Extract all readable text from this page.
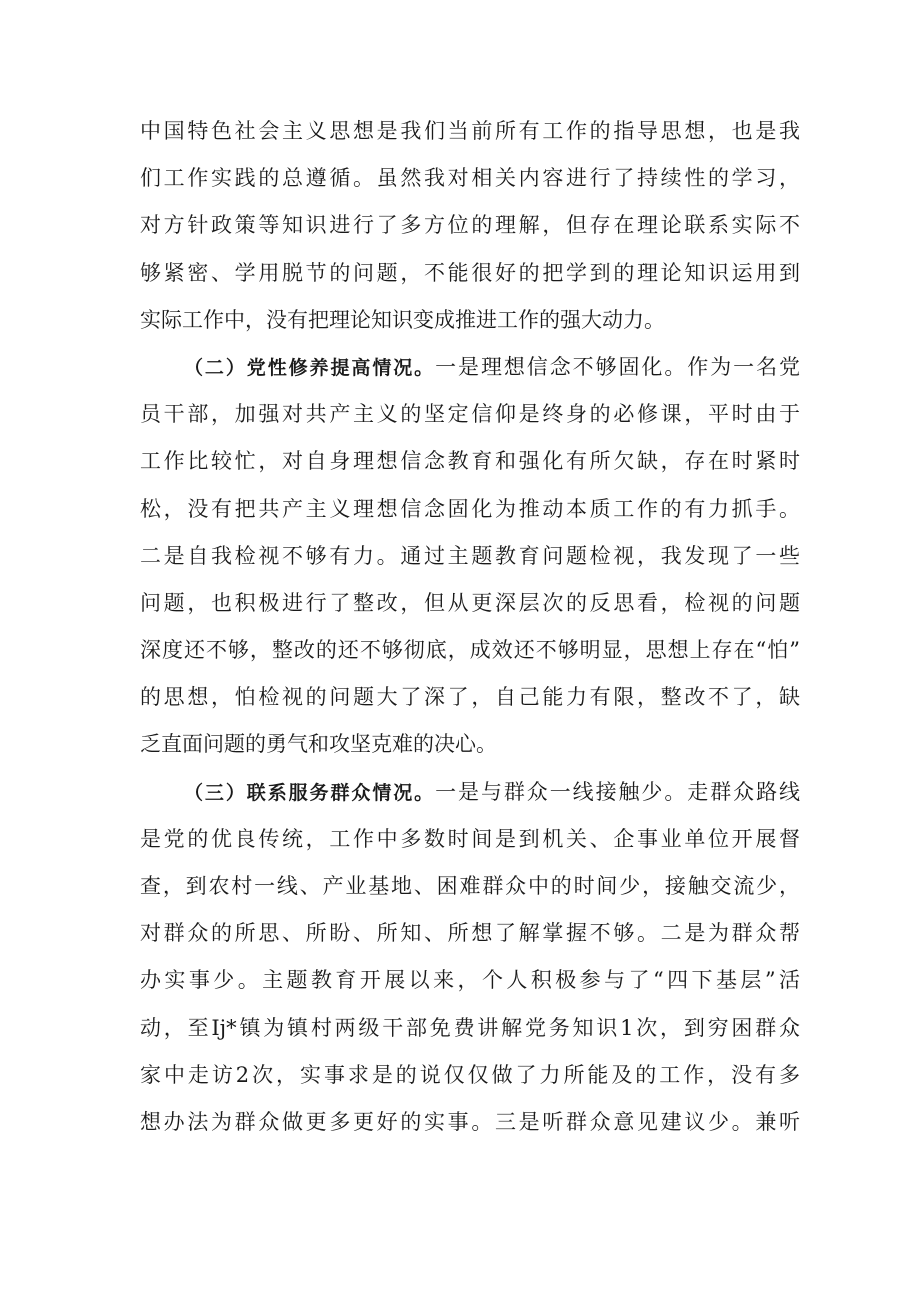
中国特色社会主义思想是我们当前所有工作的指导思想，也是我
们工作实践的总遵循。虽然我对相关内容进行了持续性的学习，
对方针政策等知识进行了多方位的理解，但存在理论联系实际不
够紧密、学用脱节的问题，不能很好的把学到的理论知识运用到
实际工作中，没有把理论知识变成推进工作的强大动力。
（二）党性修养提高情况。一是理想信念不够固化。作为一名党
员干部，加强对共产主义的坚定信仰是终身的必修课，平时由于
工作比较忙，对自身理想信念教育和强化有所欠缺，存在时紧时
松，没有把共产主义理想信念固化为推动本质工作的有力抓手。
二是自我检视不够有力。通过主题教育问题检视，我发现了一些
问题，也积极进行了整改，但从更深层次的反思看，检视的问题
深度还不够，整改的还不够彻底，成效还不够明显，思想上存在“怕”
的思想，怕检视的问题大了深了，自己能力有限，整改不了，缺
乏直面问题的勇气和攻坚克难的决心。
（三）联系服务群众情况。一是与群众一线接触少。走群众路线
是党的优良传统，工作中多数时间是到机关、企事业单位开展督
查，到农村一线、产业基地、困难群众中的时间少，接触交流少，
对群众的所思、所盼、所知、所想了解掌握不够。二是为群众帮
办实事少。主题教育开展以来，个人积极参与了“四下基层”活
动，至Ij*镇为镇村两级干部免费讲解党务知识1次，到穷困群众
家中走访2次，实事求是的说仅仅做了力所能及的工作，没有多
想办法为群众做更多更好的实事。三是听群众意见建议少。兼听
